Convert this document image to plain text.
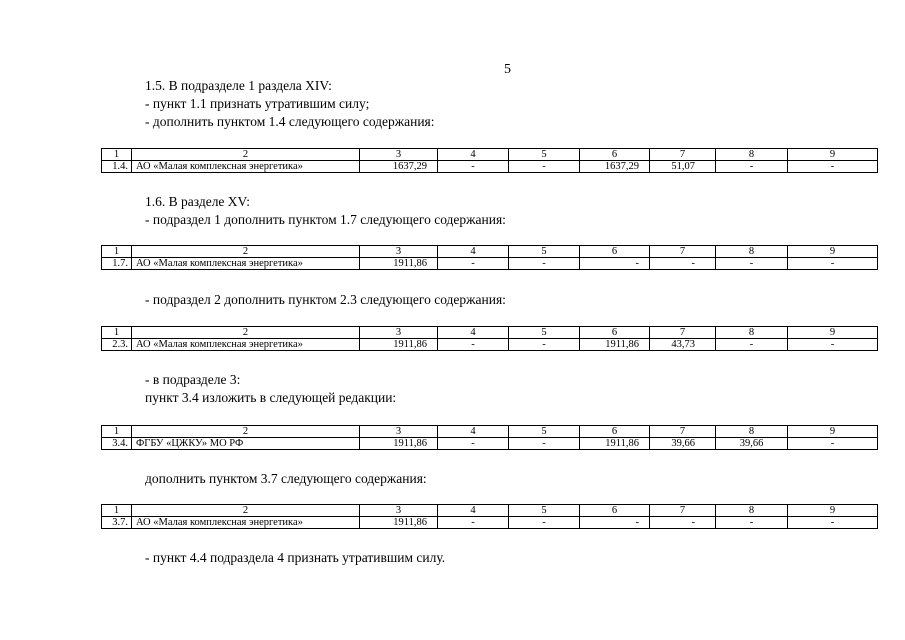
5
1.5. В подразделе 1 раздела XIV:
- пункт 1.1 признать утратившим силу;
- дополнить пунктом 1.4 следующего содержания:
1	2	3	4	5	6	7	8	9
1.4.	АО «Малая комплексная энергетика»	1637,29	-	-	1637,29	51,07	-	-
1.6. В разделе XV:
- подраздел 1 дополнить пунктом 1.7 следующего содержания:
1	2	3	4	5	6	7	8	9
1.7.	АО «Малая комплексная энергетика»	1911,86	-	-	-	-	-	-
- подраздел 2 дополнить пунктом 2.3 следующего содержания:
1	2	3	4	5	6	7	8	9
2.3.	АО «Малая комплексная энергетика»	1911,86	-	-	1911,86	43,73	-	-
- в подразделе 3:
пункт 3.4 изложить в следующей редакции:
1	2	3	4	5	6	7	8	9
3.4.	ФГБУ «ЦЖКУ» МО РФ	1911,86	-	-	1911,86	39,66	39,66	-
дополнить пунктом 3.7 следующего содержания:
1	2	3	4	5	6	7	8	9
3.7.	АО «Малая комплексная энергетика»	1911,86	-	-	-	-	-	-
- пункт 4.4 подраздела 4 признать утратившим силу.
